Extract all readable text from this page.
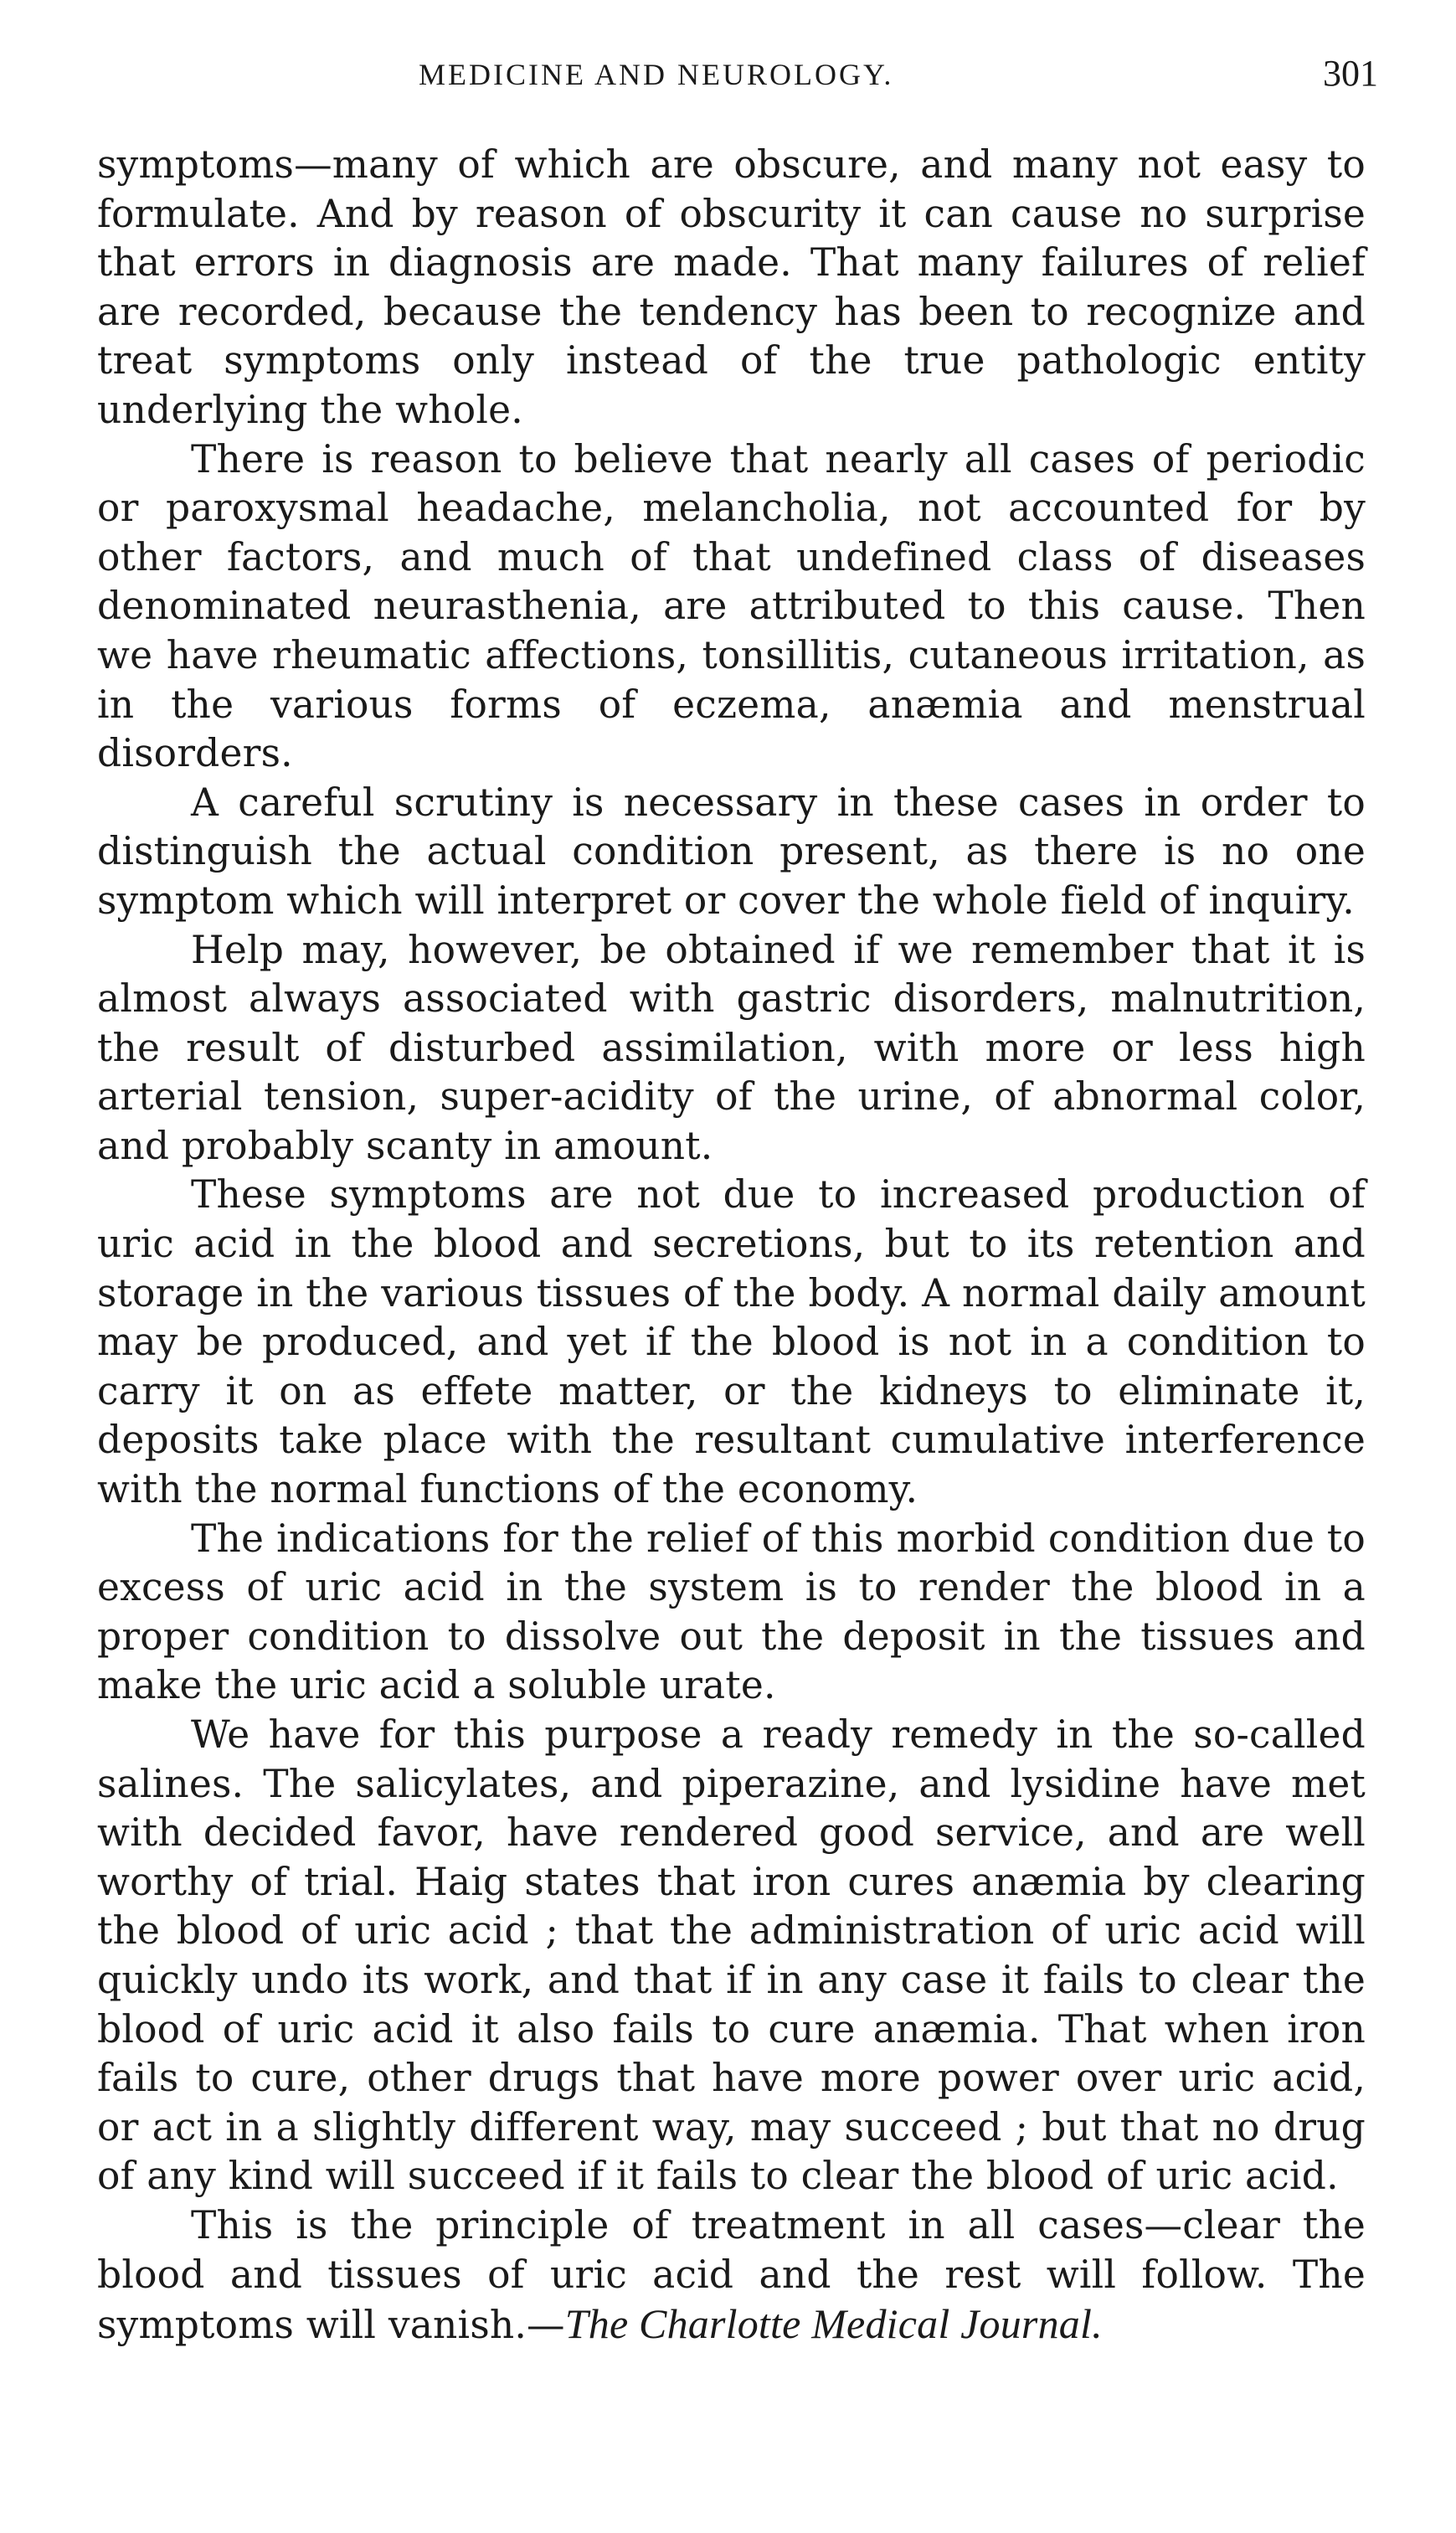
MEDICINE AND NEUROLOGY.	301

symptoms—many of which are obscure, and many not easy to formulate. And by reason of obscurity it can cause no surprise that errors in diagnosis are made. That many failures of relief are recorded, because the tendency has been to recognize and treat symptoms only instead of the true pathologic entity underlying the whole.

There is reason to believe that nearly all cases of periodic or paroxysmal headache, melancholia, not accounted for by other factors, and much of that undefined class of diseases denominated neurasthenia, are attributed to this cause. Then we have rheumatic affections, tonsillitis, cutaneous irritation, as in the various forms of eczema, anæmia and menstrual disorders.

A careful scrutiny is necessary in these cases in order to distinguish the actual condition present, as there is no one symptom which will interpret or cover the whole field of inquiry.

Help may, however, be obtained if we remember that it is almost always associated with gastric disorders, malnutrition, the result of disturbed assimilation, with more or less high arterial tension, super-acidity of the urine, of abnormal color, and probably scanty in amount.

These symptoms are not due to increased production of uric acid in the blood and secretions, but to its retention and storage in the various tissues of the body. A normal daily amount may be produced, and yet if the blood is not in a condition to carry it on as effete matter, or the kidneys to eliminate it, deposits take place with the resultant cumulative interference with the normal functions of the economy.

The indications for the relief of this morbid condition due to excess of uric acid in the system is to render the blood in a proper condition to dissolve out the deposit in the tissues and make the uric acid a soluble urate.

We have for this purpose a ready remedy in the so-called salines. The salicylates, and piperazine, and lysidine have met with decided favor, have rendered good service, and are well worthy of trial. Haig states that iron cures anæmia by clearing the blood of uric acid ; that the administration of uric acid will quickly undo its work, and that if in any case it fails to clear the blood of uric acid it also fails to cure anæmia. That when iron fails to cure, other drugs that have more power over uric acid, or act in a slightly different way, may succeed ; but that no drug of any kind will succeed if it fails to clear the blood of uric acid.

This is the principle of treatment in all cases—clear the blood and tissues of uric acid and the rest will follow. The symptoms will vanish.—The Charlotte Medical Journal.
